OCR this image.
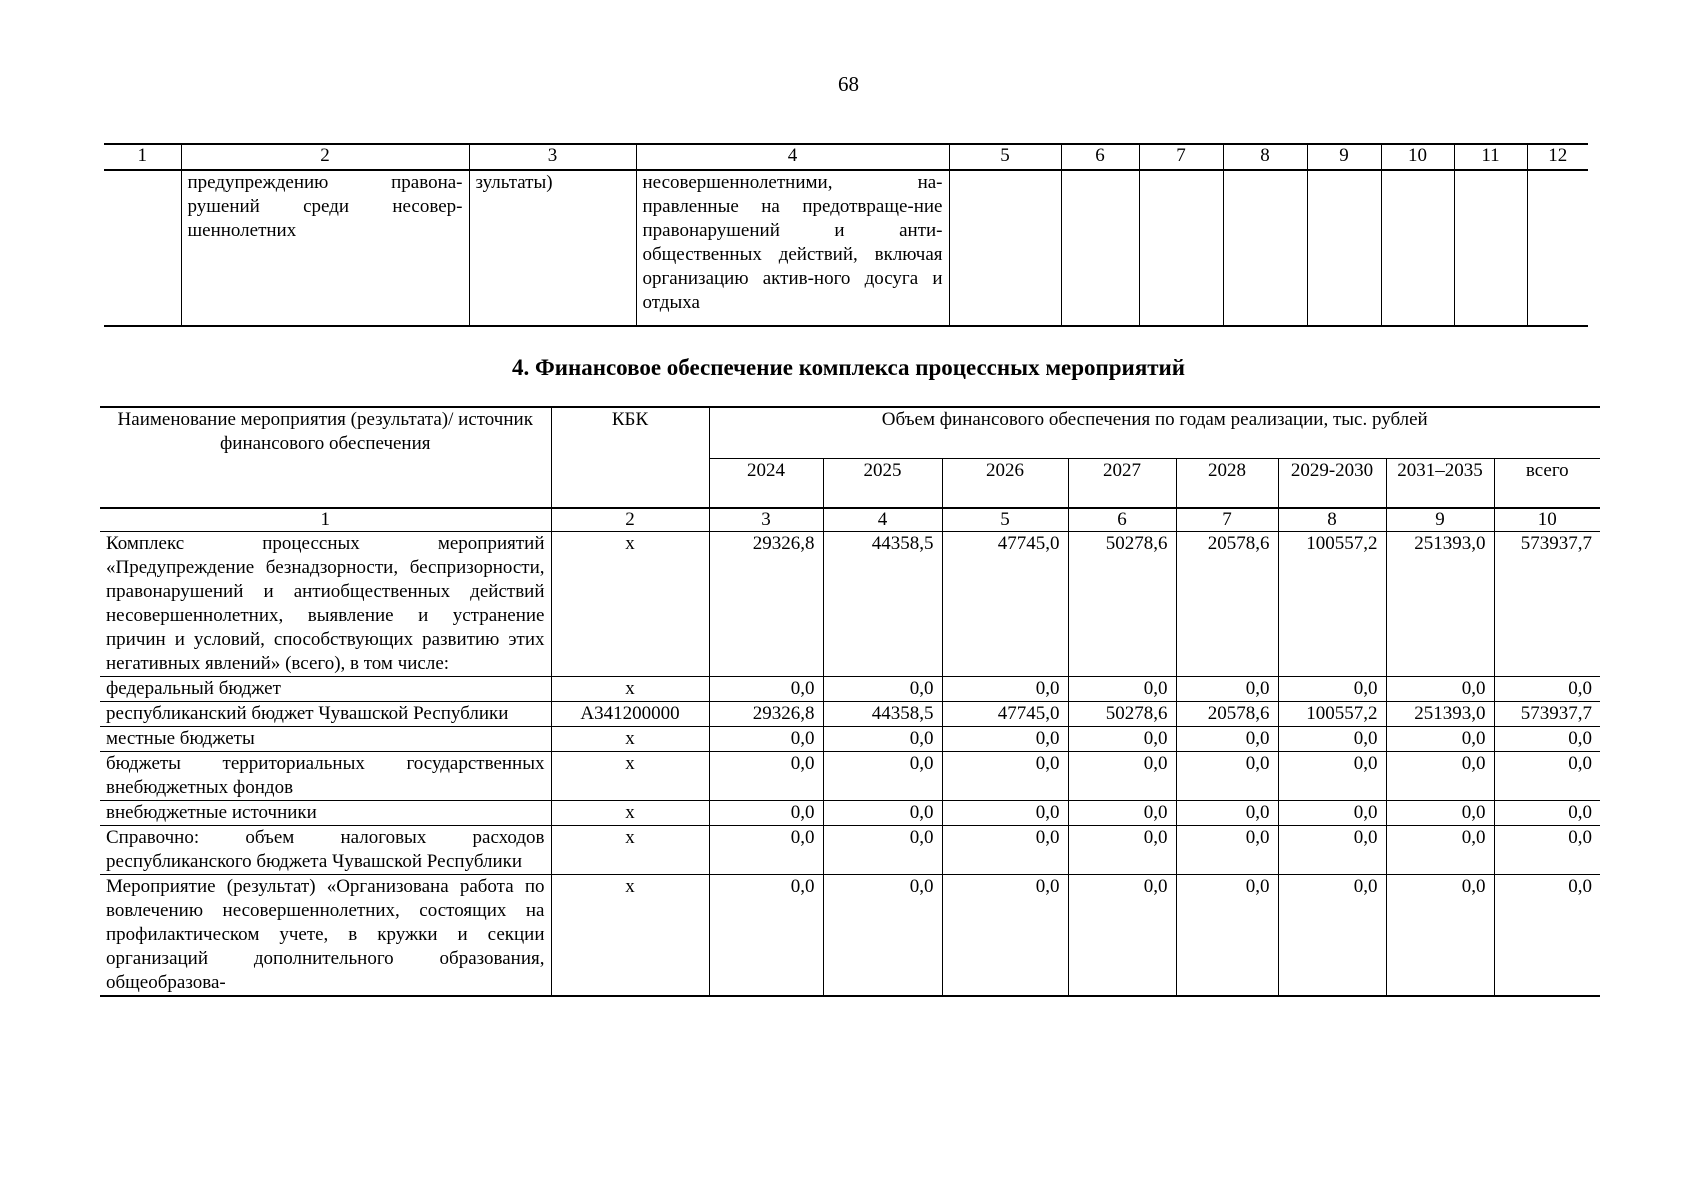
68
1	2	3	4	5	6	7	8	9	10	11	12
	предупреждению правона-рушений среди несовер-шеннолетних	зультаты)	несовершеннолетними, на-правленные на предотвраще-ние правонарушений и анти-общественных действий, включая организацию актив-ного досуга и отдыха								
4. Финансовое обеспечение комплекса процессных мероприятий
Наименование мероприятия (результата)/ источник финансового обеспечения	КБК	Объем финансового обеспечения по годам реализации, тыс. рублей							
		2024	2025	2026	2027	2028	2029-2030	2031–2035	всего
1	2	3	4	5	6	7	8	9	10
Комплекс процессных мероприятий «Предупреждение безнадзорности, беспризорности, правонарушений и антиобщественных действий несовершеннолетних, выявление и устранение причин и условий, способствующих развитию этих негативных явлений» (всего), в том числе:	х	29326,8	44358,5	47745,0	50278,6	20578,6	100557,2	251393,0	573937,7
федеральный бюджет	х	0,0	0,0	0,0	0,0	0,0	0,0	0,0	0,0
республиканский бюджет Чувашской Республики	А341200000	29326,8	44358,5	47745,0	50278,6	20578,6	100557,2	251393,0	573937,7
местные бюджеты	х	0,0	0,0	0,0	0,0	0,0	0,0	0,0	0,0
бюджеты территориальных государственных внебюджетных фондов	х	0,0	0,0	0,0	0,0	0,0	0,0	0,0	0,0
внебюджетные источники	х	0,0	0,0	0,0	0,0	0,0	0,0	0,0	0,0
Справочно: объем налоговых расходов республиканского бюджета Чувашской Республики	х	0,0	0,0	0,0	0,0	0,0	0,0	0,0	0,0
Мероприятие (результат) «Организована работа по вовлечению несовершеннолетних, состоящих на профилактическом учете, в кружки и секции организаций дополнительного образования, общеобразова-	х	0,0	0,0	0,0	0,0	0,0	0,0	0,0	0,0
